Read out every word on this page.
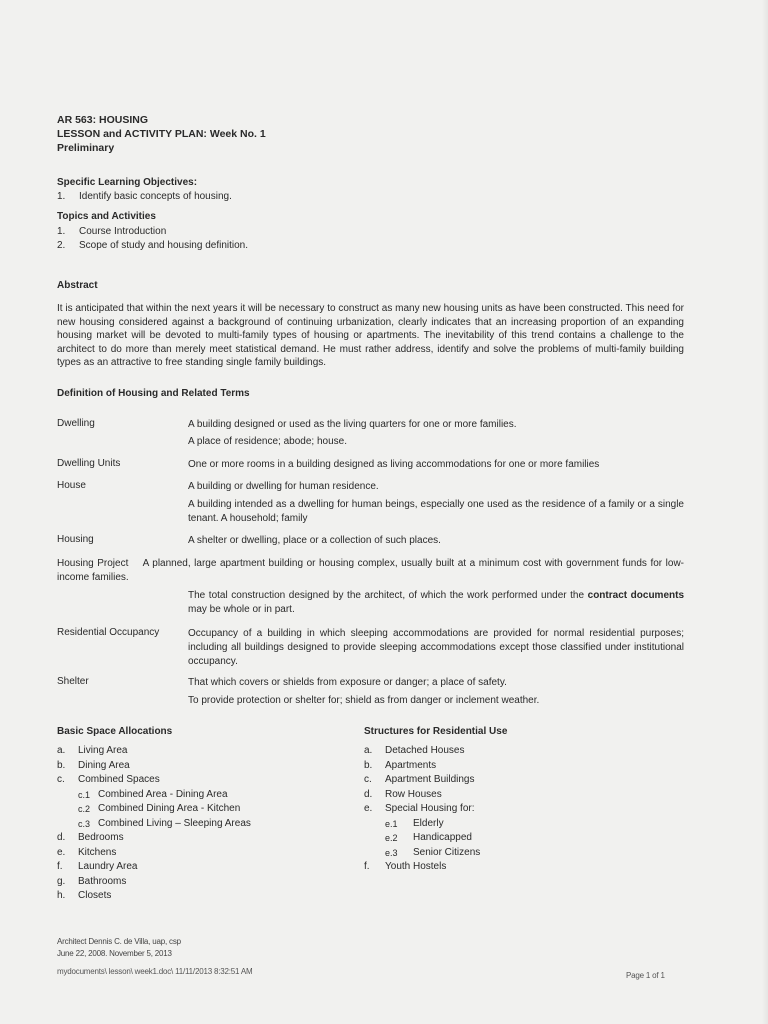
AR 563: HOUSING
LESSON and ACTIVITY PLAN: Week No. 1
Preliminary
Specific Learning Objectives:
1.	Identify basic concepts of housing.
Topics and Activities
1.	Course Introduction
2.	Scope of study and housing definition.
Abstract
It is anticipated that within the next years it will be necessary to construct as many new housing units as have been constructed. This need for new housing considered against a background of continuing urbanization, clearly indicates that an increasing proportion of an expanding housing market will be devoted to multi-family types of housing or apartments. The inevitability of this trend contains a challenge to the architect to do more than merely meet statistical demand. He must rather address, identify and solve the problems of multi-family building types as an attractive to free standing single family buildings.
Definition of Housing and Related Terms
Dwelling	A building designed or used as the living quarters for one or more families.
A place of residence; abode; house.
Dwelling Units	One or more rooms in a building designed as living accommodations for one or more families
House	A building or dwelling for human residence.
A building intended as a dwelling for human beings, especially one used as the residence of a family or a single tenant. A household; family
Housing	A shelter or dwelling, place or a collection of such places.
Housing Project A planned, large apartment building or housing complex, usually built at a minimum cost with government funds for low-income families.
The total construction designed by the architect, of which the work performed under the contract documents may be whole or in part.
Residential Occupancy	Occupancy of a building in which sleeping accommodations are provided for normal residential purposes; including all buildings designed to provide sleeping accommodations except those classified under institutional occupancy.
Shelter	That which covers or shields from exposure or danger; a place of safety.
To provide protection or shelter for; shield as from danger or inclement weather.
Basic Space Allocations
a.	Living Area
b.	Dining Area
c.	Combined Spaces
c.1 Combined Area - Dining Area
c.2 Combined Dining Area - Kitchen
c.3 Combined Living – Sleeping Areas
d.	Bedrooms
e.	Kitchens
f.	Laundry Area
g.	Bathrooms
h.	Closets
Structures for Residential Use
a.	Detached Houses
b.	Apartments
c.	Apartment Buildings
d.	Row Houses
e.	Special Housing for:
e.1	Elderly
e.2	Handicapped
e.3	Senior Citizens
f.	Youth Hostels
Architect Dennis C. de Villa, uap, csp
June 22, 2008. November 5, 2013
mydocuments\ lesson\ week1.doc\ 11/11/2013 8:32:51 AM	Page 1 of 1
